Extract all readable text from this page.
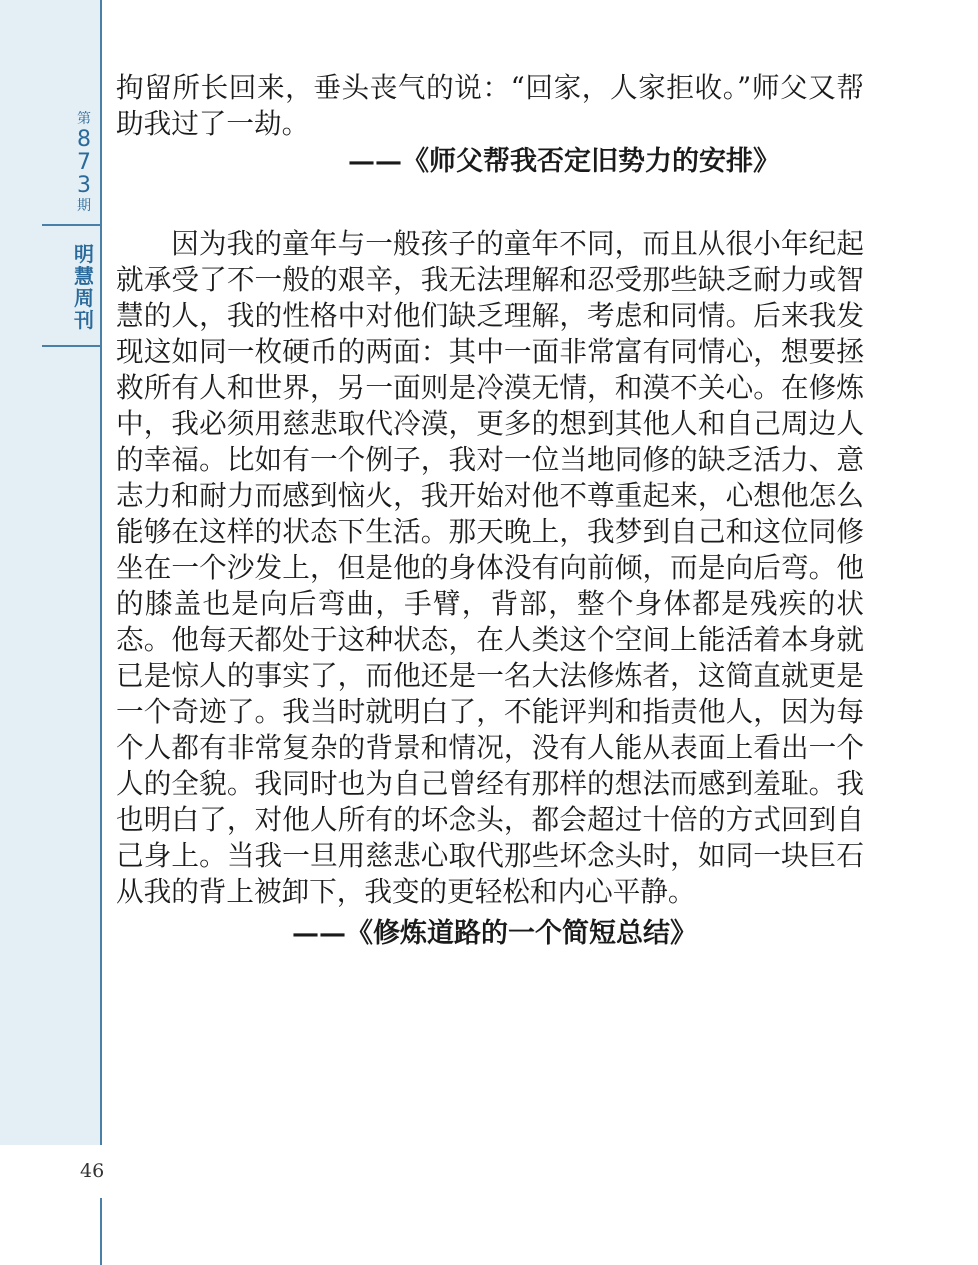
第
8
7
3
期
明
慧
周
刊
46

拘留所长回来，垂头丧气的说：“回家，人家拒收。”师父又帮助我过了一劫。

——《师父帮我否定旧势力的安排》

因为我的童年与一般孩子的童年不同，而且从很小年纪起就承受了不一般的艰辛，我无法理解和忍受那些缺乏耐力或智慧的人，我的性格中对他们缺乏理解，考虑和同情。后来我发现这如同一枚硬币的两面：其中一面非常富有同情心，想要拯救所有人和世界，另一面则是冷漠无情，和漠不关心。在修炼中，我必须用慈悲取代冷漠，更多的想到其他人和自己周边人的幸福。比如有一个例子，我对一位当地同修的缺乏活力、意志力和耐力而感到恼火，我开始对他不尊重起来，心想他怎么能够在这样的状态下生活。那天晚上，我梦到自己和这位同修坐在一个沙发上，但是他的身体没有向前倾，而是向后弯。他的膝盖也是向后弯曲，手臂，背部，整个身体都是残疾的状态。他每天都处于这种状态，在人类这个空间上能活着本身就已是惊人的事实了，而他还是一名大法修炼者，这简直就更是一个奇迹了。我当时就明白了，不能评判和指责他人，因为每个人都有非常复杂的背景和情况，没有人能从表面上看出一个人的全貌。我同时也为自己曾经有那样的想法而感到羞耻。我也明白了，对他人所有的坏念头，都会超过十倍的方式回到自己身上。当我一旦用慈悲心取代那些坏念头时，如同一块巨石从我的背上被卸下，我变的更轻松和内心平静。

——《修炼道路的一个简短总结》
